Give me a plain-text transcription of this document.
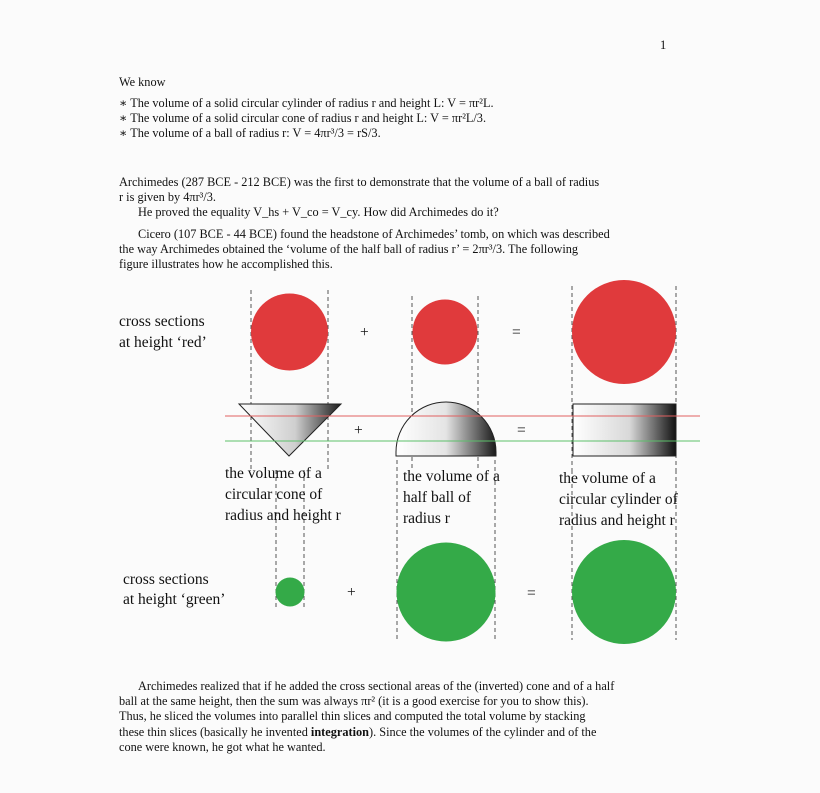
1
We know
∗ The volume of a solid circular cylinder of radius r and height L: V = πr²L.
∗ The volume of a solid circular cone of radius r and height L: V = πr²L/3.
∗ The volume of a ball of radius r: V = 4πr³/3 = rS/3.
Archimedes (287 BCE - 212 BCE) was the first to demonstrate that the volume of a ball of radius
r is given by 4πr³/3.
He proved the equality V_hs + V_co = V_cy. How did Archimedes do it?
Cicero (107 BCE - 44 BCE) found the headstone of Archimedes’ tomb, on which was described
the way Archimedes obtained the ‘volume of the half ball of radius r’ = 2πr³/3. The following
figure illustrates how he accomplished this.
cross sections
at height ‘red’
+	=
+	=
the volume of a
circular cone of
radius and height r
the volume of a
half ball of
radius r
the volume of a
circular cylinder of
radius and height r
cross sections
at height ‘green’	+	=
Archimedes realized that if he added the cross sectional areas of the (inverted) cone and of a half
ball at the same height, then the sum was always πr² (it is a good exercise for you to show this).
Thus, he sliced the volumes into parallel thin slices and computed the total volume by stacking
these thin slices (basically he invented integration). Since the volumes of the cylinder and of the
cone were known, he got what he wanted.
